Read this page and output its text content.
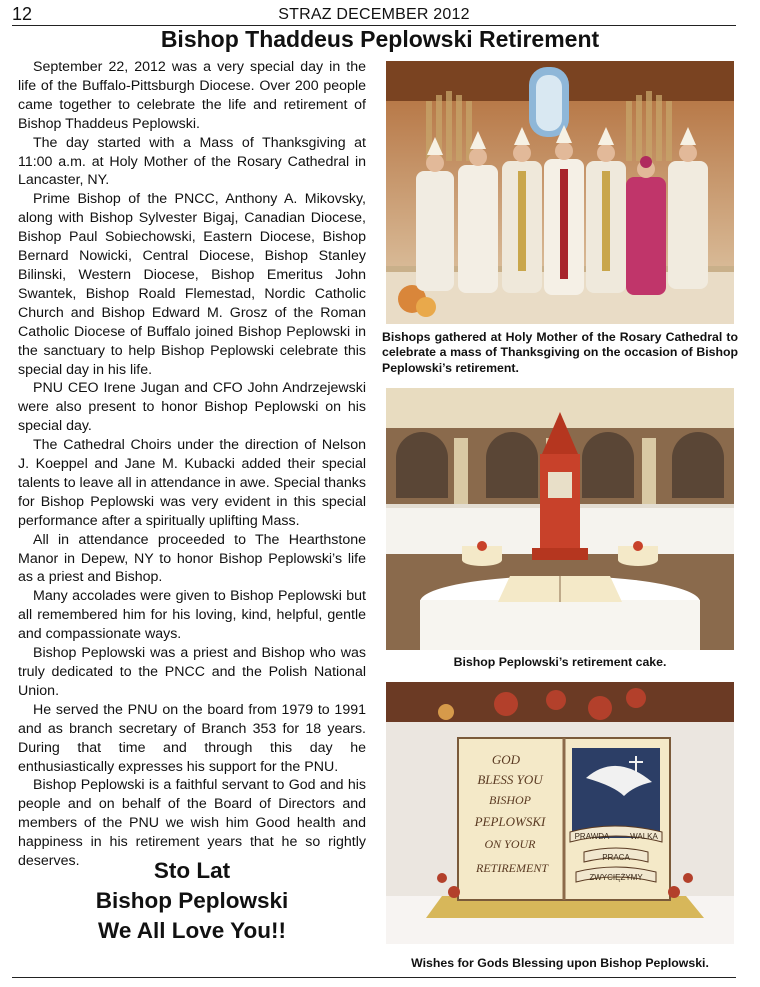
12	STRAZ DECEMBER 2012
Bishop Thaddeus Peplowski Retirement

September 22, 2012 was a very special day in the life of the Buffalo-Pittsburgh Diocese. Over 200 people came together to celebrate the life and retirement of Bishop Thaddeus Peplowski.

The day started with a Mass of Thanksgiving at 11:00 a.m. at Holy Mother of the Rosary Cathedral in Lancaster, NY.

Prime Bishop of the PNCC, Anthony A. Mikovsky, along with Bishop Sylvester Bigaj, Canadian Diocese, Bishop Paul Sobiechowski, Eastern Diocese, Bishop Bernard Nowicki, Central Diocese, Bishop Stanley Bilinski, Western Diocese, Bishop Emeritus John Swantek, Bishop Roald Flemestad, Nordic Catholic Church and Bishop Edward M. Grosz of the Roman Catholic Diocese of Buffalo joined Bishop Peplowski in the sanctuary to help Bishop Peplowski celebrate this special day in his life.

PNU CEO Irene Jugan and CFO John Andrzejewski were also present to honor Bishop Peplowski on his special day.

The Cathedral Choirs under the direction of Nelson J. Koeppel and Jane M. Kubacki added their special talents to leave all in attendance in awe. Special thanks for Bishop Peplowski was very evident in this special performance after a spiritually uplifting Mass.

All in attendance proceeded to The Hearthstone Manor in Depew, NY to honor Bishop Peplowski’s life as a priest and Bishop.

Many accolades were given to Bishop Peplowski but all remembered him for his loving, kind, helpful, gentle and compassionate ways.

Bishop Peplowski was a priest and Bishop who was truly dedicated to the PNCC and the Polish National Union.

He served the PNU on the board from 1979 to 1991 and as branch secretary of Branch 353 for 18 years. During that time and through this day he enthusiastically expresses his support for the PNU.

Bishop Peplowski is a faithful servant to God and his people and on behalf of the Board of Directors and members of the PNU we wish him Good health and happiness in his retirement years that he so rightly deserves.	Sto Lat
Bishop Peplowski
We All Love You!!
Bishops gathered at Holy Mother of the Rosary Cathedral to celebrate a mass of Thanksgiving on the occasion of Bishop Peplowski’s retirement.
Bishop Peplowski’s retirement cake.
GOD
BLESS YOU
BISHOP
PEPLOWSKI
ON YOUR
RETIREMENT
PRAWDA
PRACA
WALKA
ZWYCIĘŻYMY
Wishes for Gods Blessing upon Bishop Peplowski.
